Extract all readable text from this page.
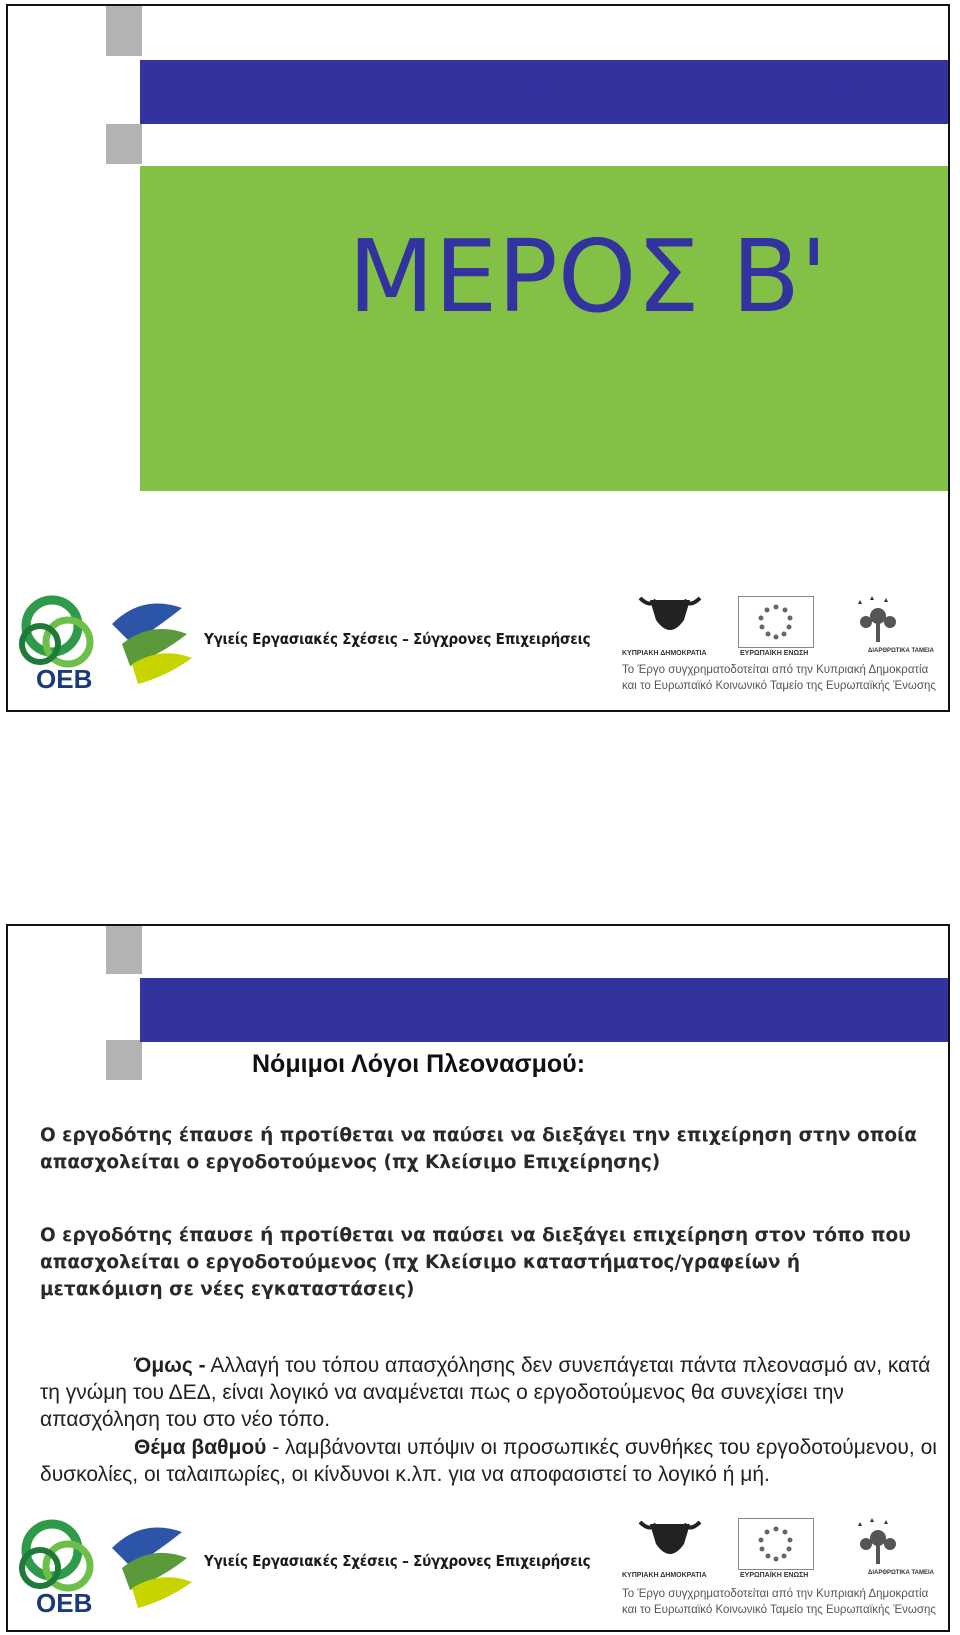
Περί Τερματισμού της Απασχόλησης Νόμος
ΜΕΡΟΣ Β'
ΟΕΒ
Υγιείς Εργασιακές Σχέσεις – Σύγχρονες Επιχειρήσεις
ΚΥΠΡΙΑΚΗ ΔΗΜΟΚΡΑΤΙΑ	ΕΥΡΩΠΑΪΚΗ ΕΝΩΣΗ	ΔΙΑΡΘΡΩΤΙΚΑ ΤΑΜΕΙΑ
Το Έργο συγχρηματοδοτείται από την Κυπριακή Δημοκρατία
και το Ευρωπαϊκό Κοινωνικό Ταμείο της Ευρωπαϊκής Ένωσης
Πλεονασμός
Νόμιμοι Λόγοι Πλεονασμού:
Ο εργοδότης έπαυσε ή προτίθεται να παύσει να διεξάγει την επιχείρηση στην οποία απασχολείται ο εργοδοτούμενος (πχ Κλείσιμο Επιχείρησης)
Ο εργοδότης έπαυσε ή προτίθεται να παύσει να διεξάγει επιχείρηση στον τόπο που απασχολείται ο εργοδοτούμενος (πχ Κλείσιμο καταστήματος/γραφείων ή μετακόμιση σε νέες εγκαταστάσεις)
Όμως - Αλλαγή του τόπου απασχόλησης δεν συνεπάγεται πάντα πλεονασμό αν, κατά τη γνώμη του ΔΕΔ, είναι λογικό να αναμένεται πως ο εργοδοτούμενος θα συνεχίσει την απασχόληση του στο νέο τόπο.
Θέμα βαθμού - λαμβάνονται υπόψιν οι προσωπικές συνθήκες του εργοδοτούμενου, οι δυσκολίες, οι ταλαιπωρίες, οι κίνδυνοι κ.λπ. για να αποφασιστεί το λογικό ή μή.
ΟΕΒ
Υγιείς Εργασιακές Σχέσεις – Σύγχρονες Επιχειρήσεις
ΚΥΠΡΙΑΚΗ ΔΗΜΟΚΡΑΤΙΑ	ΕΥΡΩΠΑΪΚΗ ΕΝΩΣΗ	ΔΙΑΡΘΡΩΤΙΚΑ ΤΑΜΕΙΑ
Το Έργο συγχρηματοδοτείται από την Κυπριακή Δημοκρατία
και το Ευρωπαϊκό Κοινωνικό Ταμείο της Ευρωπαϊκής Ένωσης
